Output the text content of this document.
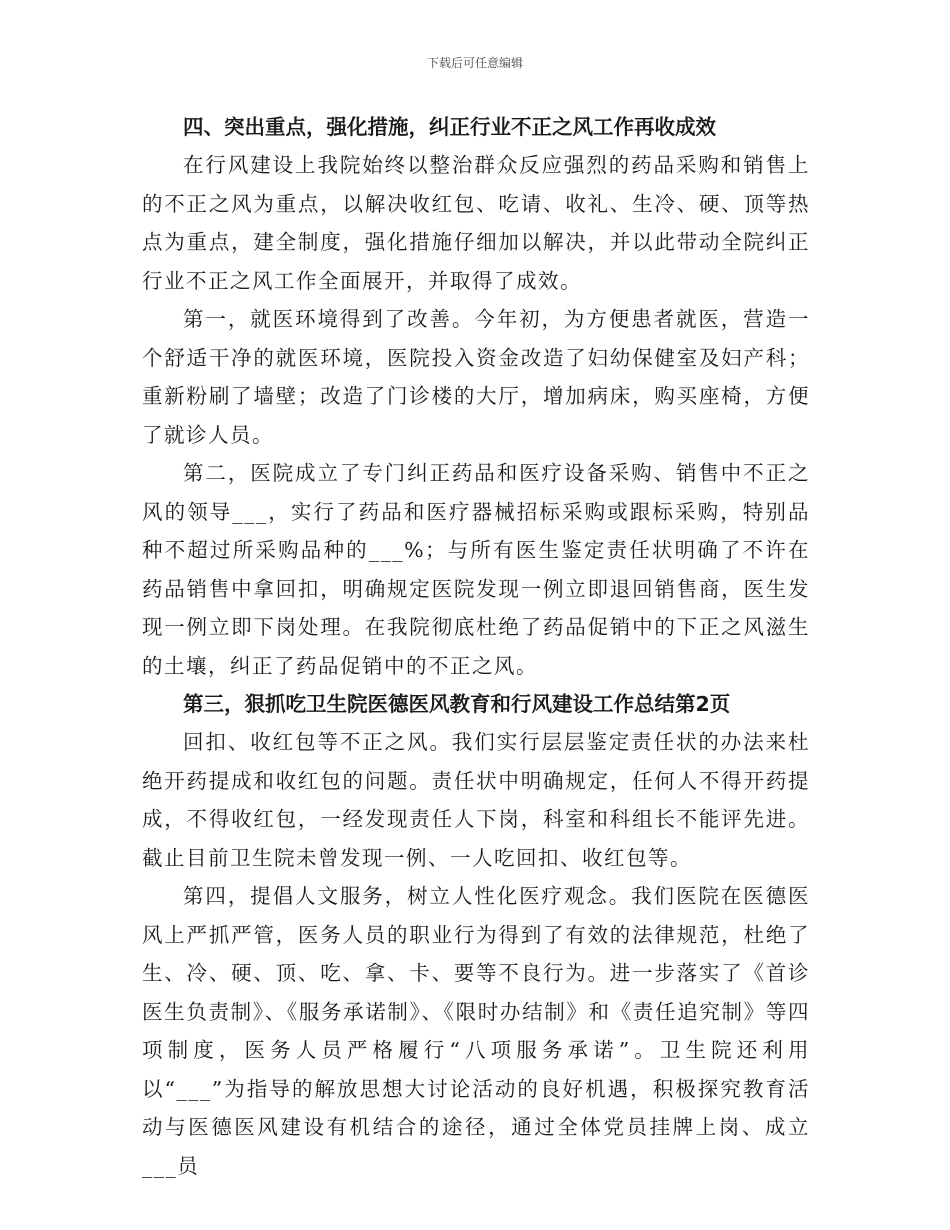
下载后可任意编辑
四、突出重点，强化措施，纠正行业不正之风工作再收成效

在行风建设上我院始终以整治群众反应强烈的药品采购和销售上的不正之风为重点，以解决收红包、吃请、收礼、生冷、硬、顶等热点为重点，建全制度，强化措施仔细加以解决，并以此带动全院纠正行业不正之风工作全面展开，并取得了成效。

第一，就医环境得到了改善。今年初，为方便患者就医，营造一个舒适干净的就医环境，医院投入资金改造了妇幼保健室及妇产科；重新粉刷了墙壁；改造了门诊楼的大厅，增加病床，购买座椅，方便了就诊人员。

第二，医院成立了专门纠正药品和医疗设备采购、销售中不正之风的领导___，实行了药品和医疗器械招标采购或跟标采购，特别品种不超过所采购品种的___%；与所有医生鉴定责任状明确了不许在药品销售中拿回扣，明确规定医院发现一例立即退回销售商，医生发现一例立即下岗处理。在我院彻底杜绝了药品促销中的下正之风滋生的土壤，纠正了药品促销中的不正之风。

第三，狠抓吃卫生院医德医风教育和行风建设工作总结第2页

回扣、收红包等不正之风。我们实行层层鉴定责任状的办法来杜绝开药提成和收红包的问题。责任状中明确规定，任何人不得开药提成，不得收红包，一经发现责任人下岗，科室和科组长不能评先进。截止目前卫生院未曾发现一例、一人吃回扣、收红包等。

第四，提倡人文服务，树立人性化医疗观念。我们医院在医德医风上严抓严管，医务人员的职业行为得到了有效的法律规范，杜绝了生、冷、硬、顶、吃、拿、卡、要等不良行为。进一步落实了《首诊医生负责制》、《服务承诺制》、《限时办结制》和《责任追究制》等四项制度，医务人员严格履行“八项服务承诺”。卫生院还利用以“___”为指导的解放思想大讨论活动的良好机遇，积极探究教育活动与医德医风建设有机结合的途径，通过全体党员挂牌上岗、成立___员
